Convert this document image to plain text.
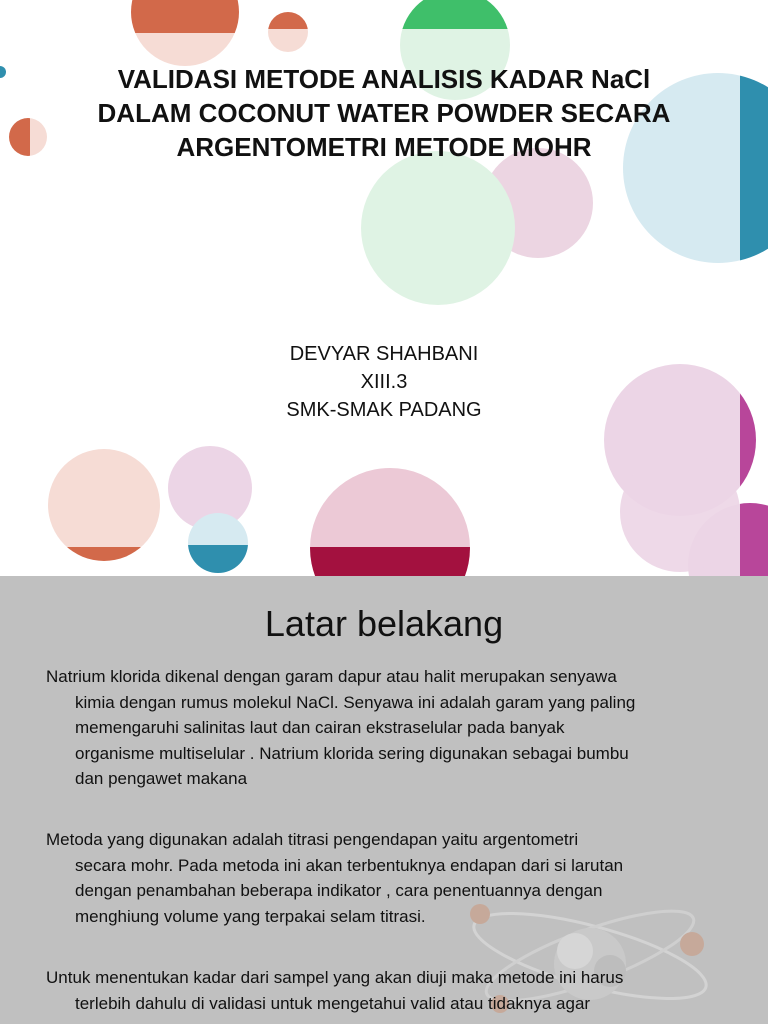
VALIDASI METODE ANALISIS KADAR NaCl
DALAM COCONUT WATER POWDER SECARA
ARGENTOMETRI METODE MOHR
DEVYAR SHAHBANI
XIII.3
SMK-SMAK PADANG
Latar belakang
Natrium klorida dikenal dengan garam dapur atau halit merupakan senyawa
kimia dengan rumus molekul NaCl. Senyawa ini adalah garam yang paling
memengaruhi salinitas laut dan cairan ekstraselular pada banyak
organisme multiselular . Natrium klorida sering digunakan sebagai bumbu
dan pengawet makana
Metoda yang digunakan adalah titrasi pengendapan yaitu argentometri
secara mohr. Pada metoda ini akan terbentuknya endapan dari si larutan
dengan penambahan beberapa indikator , cara penentuannya dengan
menghiung volume yang terpakai selam titrasi.
Untuk menentukan kadar dari sampel yang akan diuji maka metode ini harus
terlebih dahulu di validasi untuk mengetahui valid atau tidaknya agar
